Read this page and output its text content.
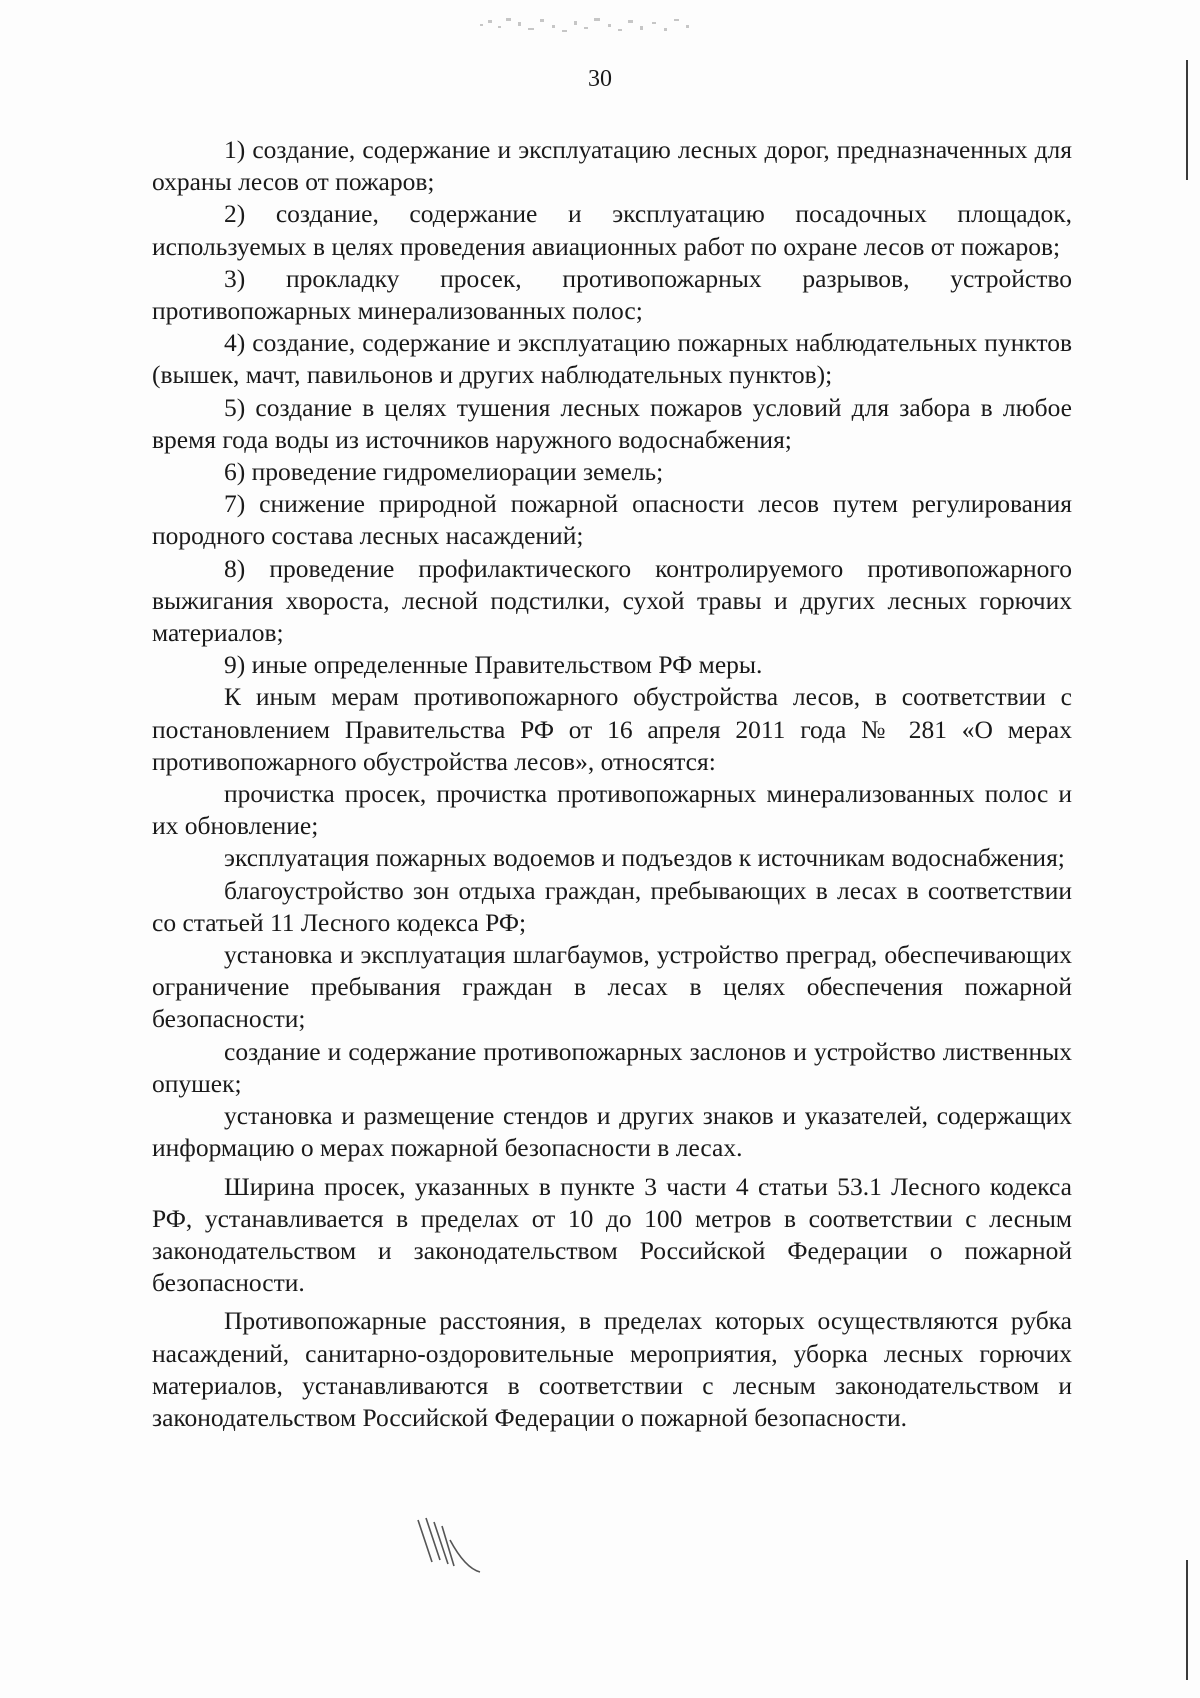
30

1) создание, содержание и эксплуатацию лесных дорог, предназначенных для охраны лесов от пожаров;

2) создание, содержание и эксплуатацию посадочных площадок, используемых в целях проведения авиационных работ по охране лесов от пожаров;

3) прокладку просек, противопожарных разрывов, устройство противопожарных минерализованных полос;

4) создание, содержание и эксплуатацию пожарных наблюдательных пунктов (вышек, мачт, павильонов и других наблюдательных пунктов);

5) создание в целях тушения лесных пожаров условий для забора в любое время года воды из источников наружного водоснабжения;

6) проведение гидромелиорации земель;

7) снижение природной пожарной опасности лесов путем регулирования породного состава лесных насаждений;

8) проведение профилактического контролируемого противопожарного выжигания хвороста, лесной подстилки, сухой травы и других лесных горючих материалов;

9) иные определенные Правительством РФ меры.

К иным мерам противопожарного обустройства лесов, в соответствии с постановлением Правительства РФ от 16 апреля 2011 года № 281 «О мерах противопожарного обустройства лесов», относятся:

прочистка просек, прочистка противопожарных минерализованных полос и их обновление;

эксплуатация пожарных водоемов и подъездов к источникам водоснабжения;

благоустройство зон отдыха граждан, пребывающих в лесах в соответствии со статьей 11 Лесного кодекса РФ;

установка и эксплуатация шлагбаумов, устройство преград, обеспечивающих ограничение пребывания граждан в лесах в целях обеспечения пожарной безопасности;

создание и содержание противопожарных заслонов и устройство лиственных опушек;

установка и размещение стендов и других знаков и указателей, содержащих информацию о мерах пожарной безопасности в лесах.

Ширина просек, указанных в пункте 3 части 4 статьи 53.1 Лесного кодекса РФ, устанавливается в пределах от 10 до 100 метров в соответствии с лесным законодательством и законодательством Российской Федерации о пожарной безопасности.

Противопожарные расстояния, в пределах которых осуществляются рубка насаждений, санитарно-оздоровительные мероприятия, уборка лесных горючих материалов, устанавливаются в соответствии с лесным законодательством и законодательством Российской Федерации о пожарной безопасности.
